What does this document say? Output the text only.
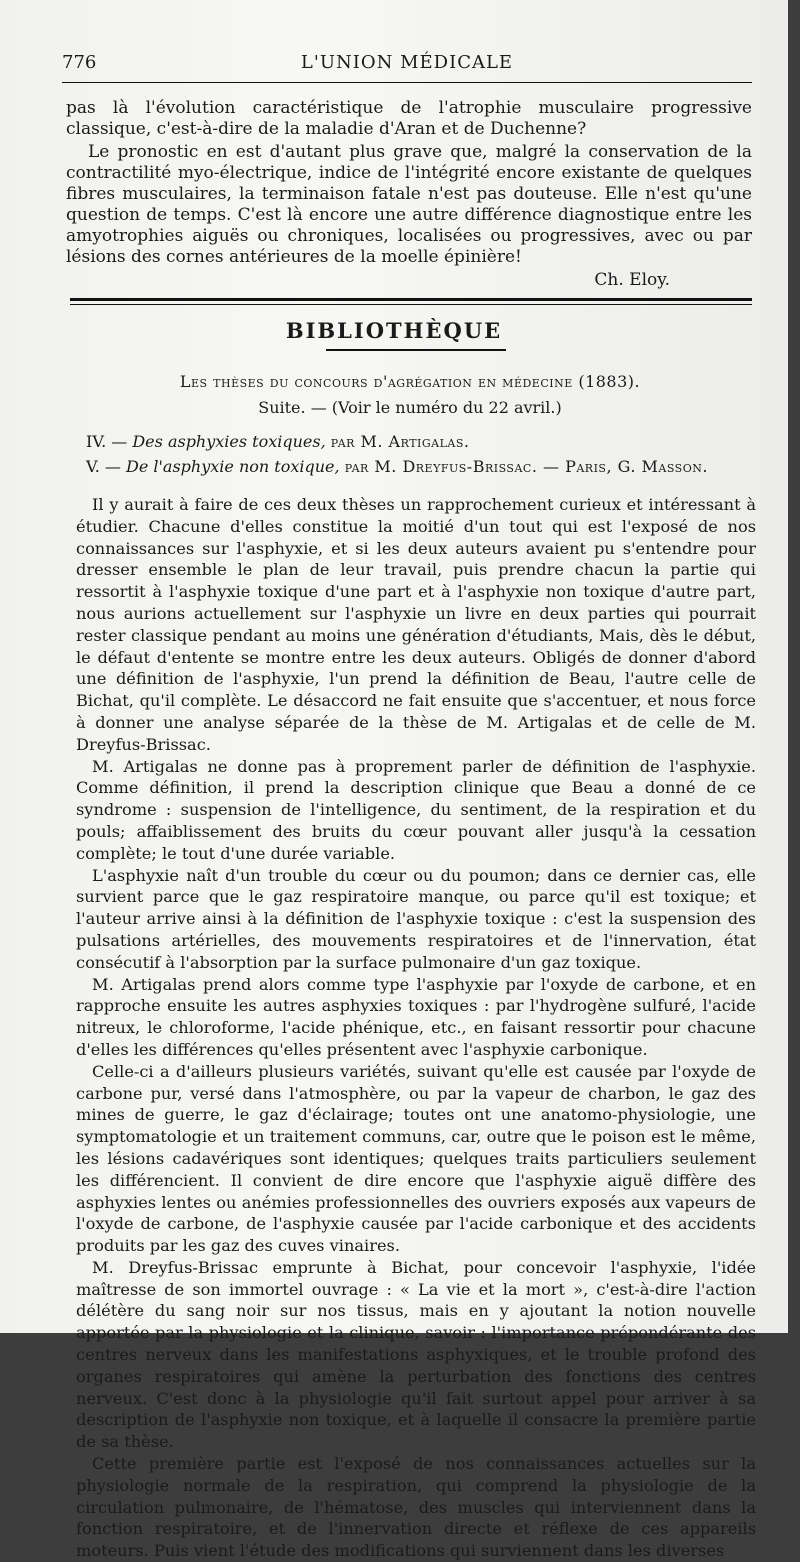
776	L'UNION MÉDICALE

pas là l'évolution caractéristique de l'atrophie musculaire progressive classique, c'est-à-dire de la maladie d'Aran et de Duchenne?

Le pronostic en est d'autant plus grave que, malgré la conservation de la contractilité myo-électrique, indice de l'intégrité encore existante de quelques fibres musculaires, la terminaison fatale n'est pas douteuse. Elle n'est qu'une question de temps. C'est là encore une autre différence diagnostique entre les amyotrophies aiguës ou chroniques, localisées ou progressives, avec ou par lésions des cornes antérieures de la moelle épinière!

Ch. Eloy.
BIBLIOTHÈQUE
Les thèses du concours d'agrégation en médecine (1883).
Suite. — (Voir le numéro du 22 avril.)
IV. — Des asphyxies toxiques, par M. Artigalas.
V. — De l'asphyxie non toxique, par M. Dreyfus-Brissac. — Paris, G. Masson.

Il y aurait à faire de ces deux thèses un rapprochement curieux et intéressant à étudier. Chacune d'elles constitue la moitié d'un tout qui est l'exposé de nos connaissances sur l'asphyxie, et si les deux auteurs avaient pu s'entendre pour dresser ensemble le plan de leur travail, puis prendre chacun la partie qui ressortit à l'asphyxie toxique d'une part et à l'asphyxie non toxique d'autre part, nous aurions actuellement sur l'asphyxie un livre en deux parties qui pourrait rester classique pendant au moins une génération d'étudiants, Mais, dès le début, le défaut d'entente se montre entre les deux auteurs. Obligés de donner d'abord une définition de l'asphyxie, l'un prend la définition de Beau, l'autre celle de Bichat, qu'il complète. Le désaccord ne fait ensuite que s'accentuer, et nous force à donner une analyse séparée de la thèse de M. Artigalas et de celle de M. Dreyfus-Brissac.

M. Artigalas ne donne pas à proprement parler de définition de l'asphyxie. Comme définition, il prend la description clinique que Beau a donné de ce syndrome : suspension de l'intelligence, du sentiment, de la respiration et du pouls; affaiblissement des bruits du cœur pouvant aller jusqu'à la cessation complète; le tout d'une durée variable.

L'asphyxie naît d'un trouble du cœur ou du poumon; dans ce dernier cas, elle survient parce que le gaz respiratoire manque, ou parce qu'il est toxique; et l'auteur arrive ainsi à la définition de l'asphyxie toxique : c'est la suspension des pulsations artérielles, des mouvements respiratoires et de l'innervation, état consécutif à l'absorption par la surface pulmonaire d'un gaz toxique.

M. Artigalas prend alors comme type l'asphyxie par l'oxyde de carbone, et en rapproche ensuite les autres asphyxies toxiques : par l'hydrogène sulfuré, l'acide nitreux, le chloroforme, l'acide phénique, etc., en faisant ressortir pour chacune d'elles les différences qu'elles présentent avec l'asphyxie carbonique.

Celle-ci a d'ailleurs plusieurs variétés, suivant qu'elle est causée par l'oxyde de carbone pur, versé dans l'atmosphère, ou par la vapeur de charbon, le gaz des mines de guerre, le gaz d'éclairage; toutes ont une anatomo-physiologie, une symptomatologie et un traitement communs, car, outre que le poison est le même, les lésions cadavériques sont identiques; quelques traits particuliers seulement les différencient. Il convient de dire encore que l'asphyxie aiguë diffère des asphyxies lentes ou anémies professionnelles des ouvriers exposés aux vapeurs de l'oxyde de carbone, de l'asphyxie causée par l'acide carbonique et des accidents produits par les gaz des cuves vinaires.

M. Dreyfus-Brissac emprunte à Bichat, pour concevoir l'asphyxie, l'idée maîtresse de son immortel ouvrage : « La vie et la mort », c'est-à-dire l'action délétère du sang noir sur nos tissus, mais en y ajoutant la notion nouvelle apportée par la physiologie et la clinique, savoir : l'importance prépondérante des centres nerveux dans les manifestations asphyxiques, et le trouble profond des organes respiratoires qui amène la perturbation des fonctions des centres nerveux. C'est donc à la physiologie qu'il fait surtout appel pour arriver à sa description de l'asphyxie non toxique, et à laquelle il consacre la première partie de sa thèse.

Cette première partie est l'exposé de nos connaissances actuelles sur la physiologie normale de la respiration, qui comprend la physiologie de la circulation pulmonaire, de l'hématose, des muscles qui interviennent dans la fonction respiratoire, et de l'innervation directe et réflexe de ces appareils moteurs. Puis vient l'étude des modifications qui surviennent dans les diverses
